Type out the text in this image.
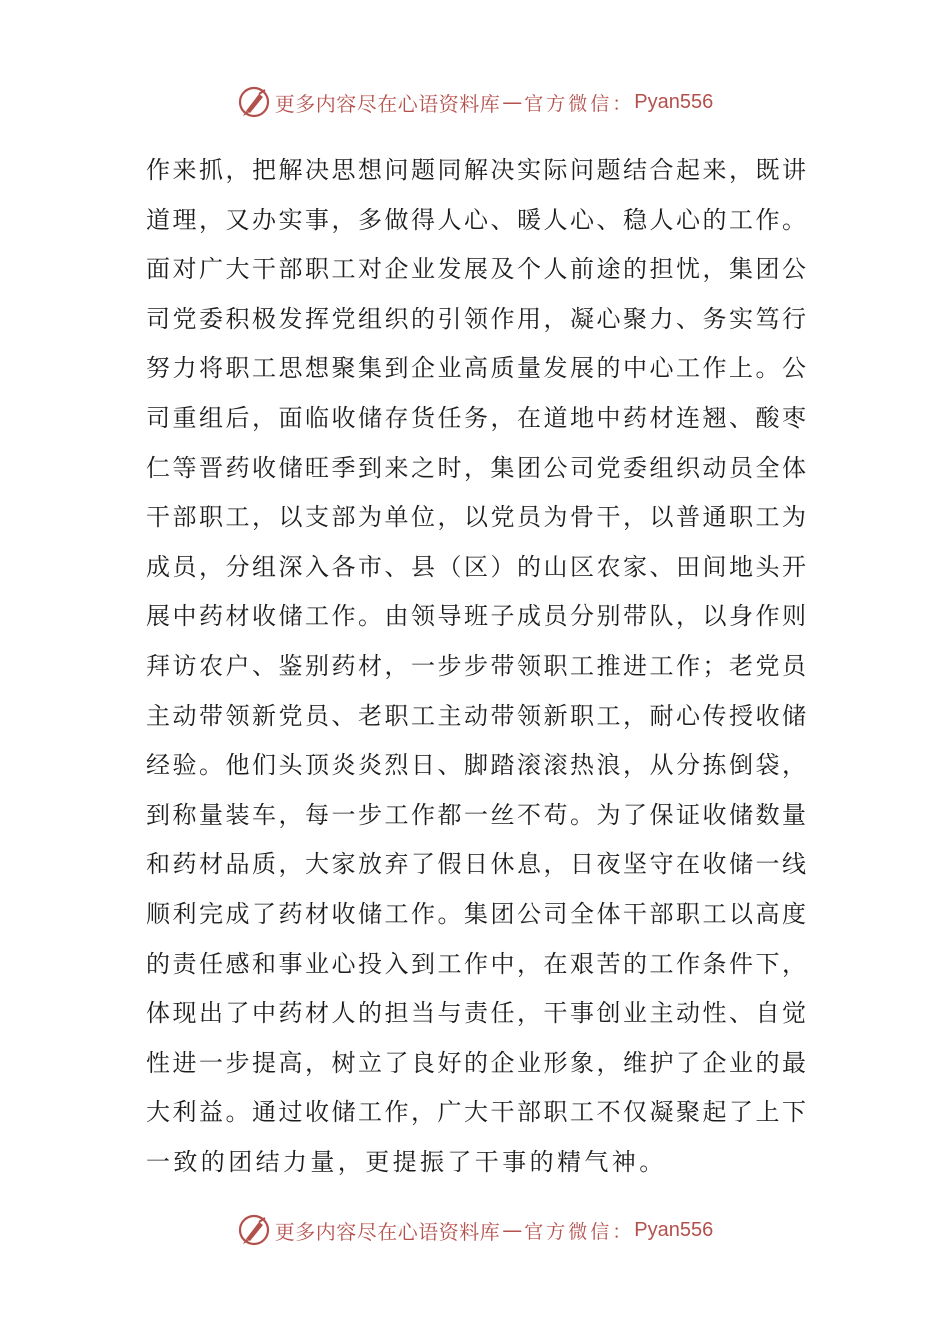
更多内容尽在心语资料库 — 官方微信： Pyan556
作来抓，把解决思想问题同解决实际问题结合起来，既讲
道理，又办实事，多做得人心、暖人心、稳人心的工作。
面对广大干部职工对企业发展及个人前途的担忧，集团公
司党委积极发挥党组织的引领作用，凝心聚力、务实笃行
努力将职工思想聚集到企业高质量发展的中心工作上。公
司重组后，面临收储存货任务，在道地中药材连翘、酸枣
仁等晋药收储旺季到来之时，集团公司党委组织动员全体
干部职工，以支部为单位，以党员为骨干，以普通职工为
成员，分组深入各市、县（区）的山区农家、田间地头开
展中药材收储工作。由领导班子成员分别带队，以身作则
拜访农户、鉴别药材，一步步带领职工推进工作；老党员
主动带领新党员、老职工主动带领新职工，耐心传授收储
经验。他们头顶炎炎烈日、脚踏滚滚热浪，从分拣倒袋，
到称量装车，每一步工作都一丝不苟。为了保证收储数量
和药材品质，大家放弃了假日休息，日夜坚守在收储一线
顺利完成了药材收储工作。集团公司全体干部职工以高度
的责任感和事业心投入到工作中，在艰苦的工作条件下，
体现出了中药材人的担当与责任，干事创业主动性、自觉
性进一步提高，树立了良好的企业形象，维护了企业的最
大利益。通过收储工作，广大干部职工不仅凝聚起了上下
一致的团结力量，更提振了干事的精气神。
更多内容尽在心语资料库 — 官方微信： Pyan556
